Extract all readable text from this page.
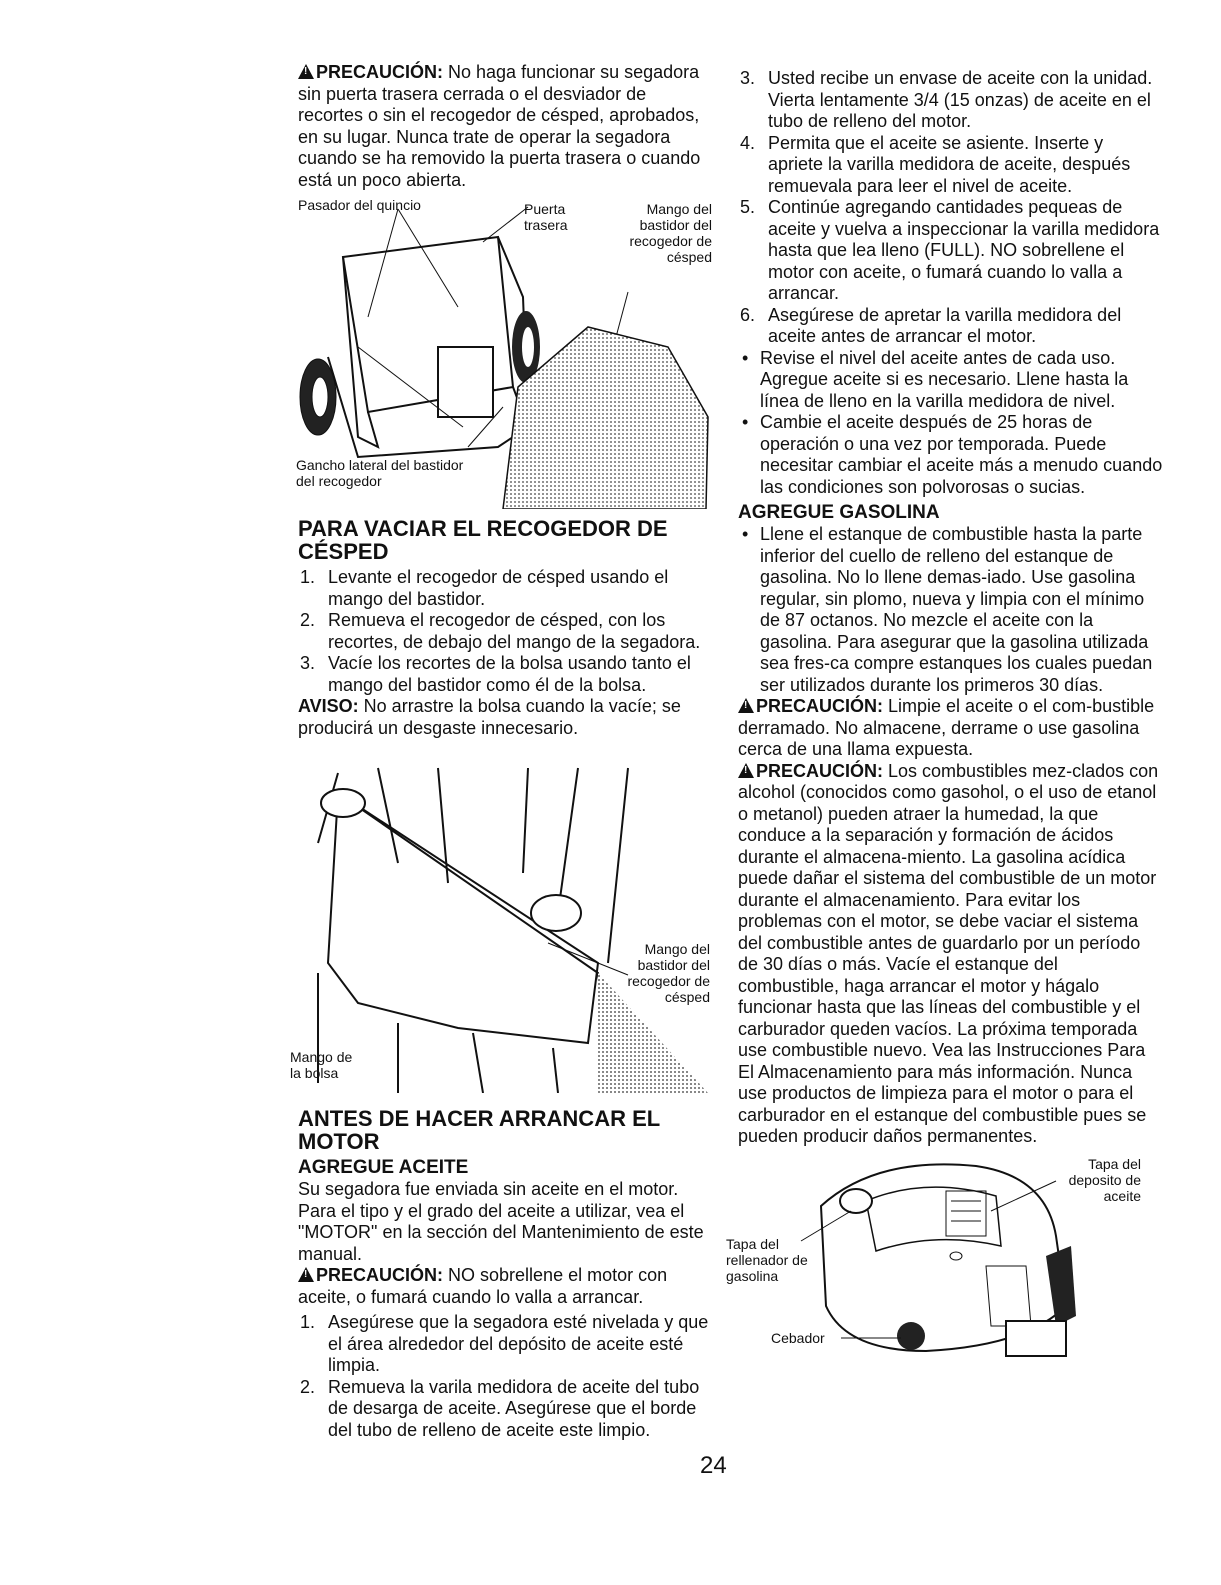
!PRECAUCIÓN: No haga funcionar su segadora sin puerta trasera cerrada o el desviador de recortes o sin el recogedor de césped, aprobados, en su lugar. Nunca trate de operar la segadora cuando se ha removido la puerta trasera o cuando está un poco abierta.

Pasador del quincio	Puerta trasera
Mango del bastidor del recogedor de césped
Gancho lateral del bastidor del recogedor
PARA VACIAR EL RECOGEDOR DE CÉSPED
1. Levante el recogedor de césped usando el mango del bastidor.
2. Remueva el recogedor de césped, con los recortes, de debajo del mango de la segadora.
3. Vacíe los recortes de la bolsa usando tanto el mango del bastidor como él de la bolsa.

AVISO: No arrastre la bolsa cuando la vacíe; se producirá un desgaste innecesario.

Mango del bastidor del recogedor de césped
Mango de la bolsa
ANTES DE HACER ARRANCAR EL MOTOR
AGREGUE ACEITE

Su segadora fue enviada sin aceite en el motor. Para el tipo y el grado del aceite a utilizar, vea el "MOTOR" en la sección del Mantenimiento de este manual.

!PRECAUCIÓN: NO sobrellene el motor con aceite, o fumará cuando lo valla a arrancar.

1. Asegúrese que la segadora esté nivelada y que el área alrededor del depósito de aceite esté limpia.
2. Remueva la varila medidora de aceite del tubo de desarga de aceite. Asegúrese que el borde del tubo de relleno de aceite este limpio.
3. Usted recibe un envase de aceite con la unidad. Vierta lentamente 3/4 (15 onzas) de aceite en el tubo de relleno del motor.
4. Permita que el aceite se asiente. Inserte y apriete la varilla medidora de aceite, después remuevala para leer el nivel de aceite.
5. Continúe agregando cantidades pequeas de aceite y vuelva a inspeccionar la varilla medidora hasta que lea lleno (FULL). NO sobrellene el motor con aceite, o fumará cuando lo valla a arrancar.
6. Asegúrese de apretar la varilla medidora del aceite antes de arrancar el motor.

• Revise el nivel del aceite antes de cada uso. Agregue aceite si es necesario. Llene hasta la línea de lleno en la varilla medidora de nivel.

• Cambie el aceite después de 25 horas de operación o una vez por temporada. Puede necesitar cambiar el aceite más a menudo cuando las condiciones son polvorosas o sucias.

AGREGUE GASOLINA

• Llene el estanque de combustible hasta la parte inferior del cuello de relleno del estanque de gasolina. No lo llene demas-iado. Use gasolina regular, sin plomo, nueva y limpia con el mínimo de 87 octanos. No mezcle el aceite con la gasolina. Para asegurar que la gasolina utilizada sea fres-ca compre estanques los cuales puedan ser utilizados durante los primeros 30 días.

!PRECAUCIÓN: Limpie el aceite o el com-bustible derramado. No almacene, derrame o use gasolina cerca de una llama expuesta.

!PRECAUCIÓN: Los combustibles mez-clados con alcohol (conocidos como gasohol, o el uso de etanol o metanol) pueden atraer la humedad, la que conduce a la separación y formación de ácidos durante el almacena-miento. La gasolina acídica puede dañar el sistema del combustible de un motor durante el almacenamiento. Para evitar los problemas con el motor, se debe vaciar el sistema del combustible antes de guardarlo por un período de 30 días o más. Vacíe el estanque del combustible, haga arrancar el motor y hágalo funcionar hasta que las líneas del combustible y el carburador queden vacíos. La próxima temporada use combustible nuevo. Vea las Instrucciones Para El Almacenamiento para más información. Nunca use productos de limpieza para el motor o para el carburador en el estanque del combustible pues se pueden producir daños permanentes.

Tapa del deposito de aceite
Tapa del rellenador de gasolina
Cebador
24
